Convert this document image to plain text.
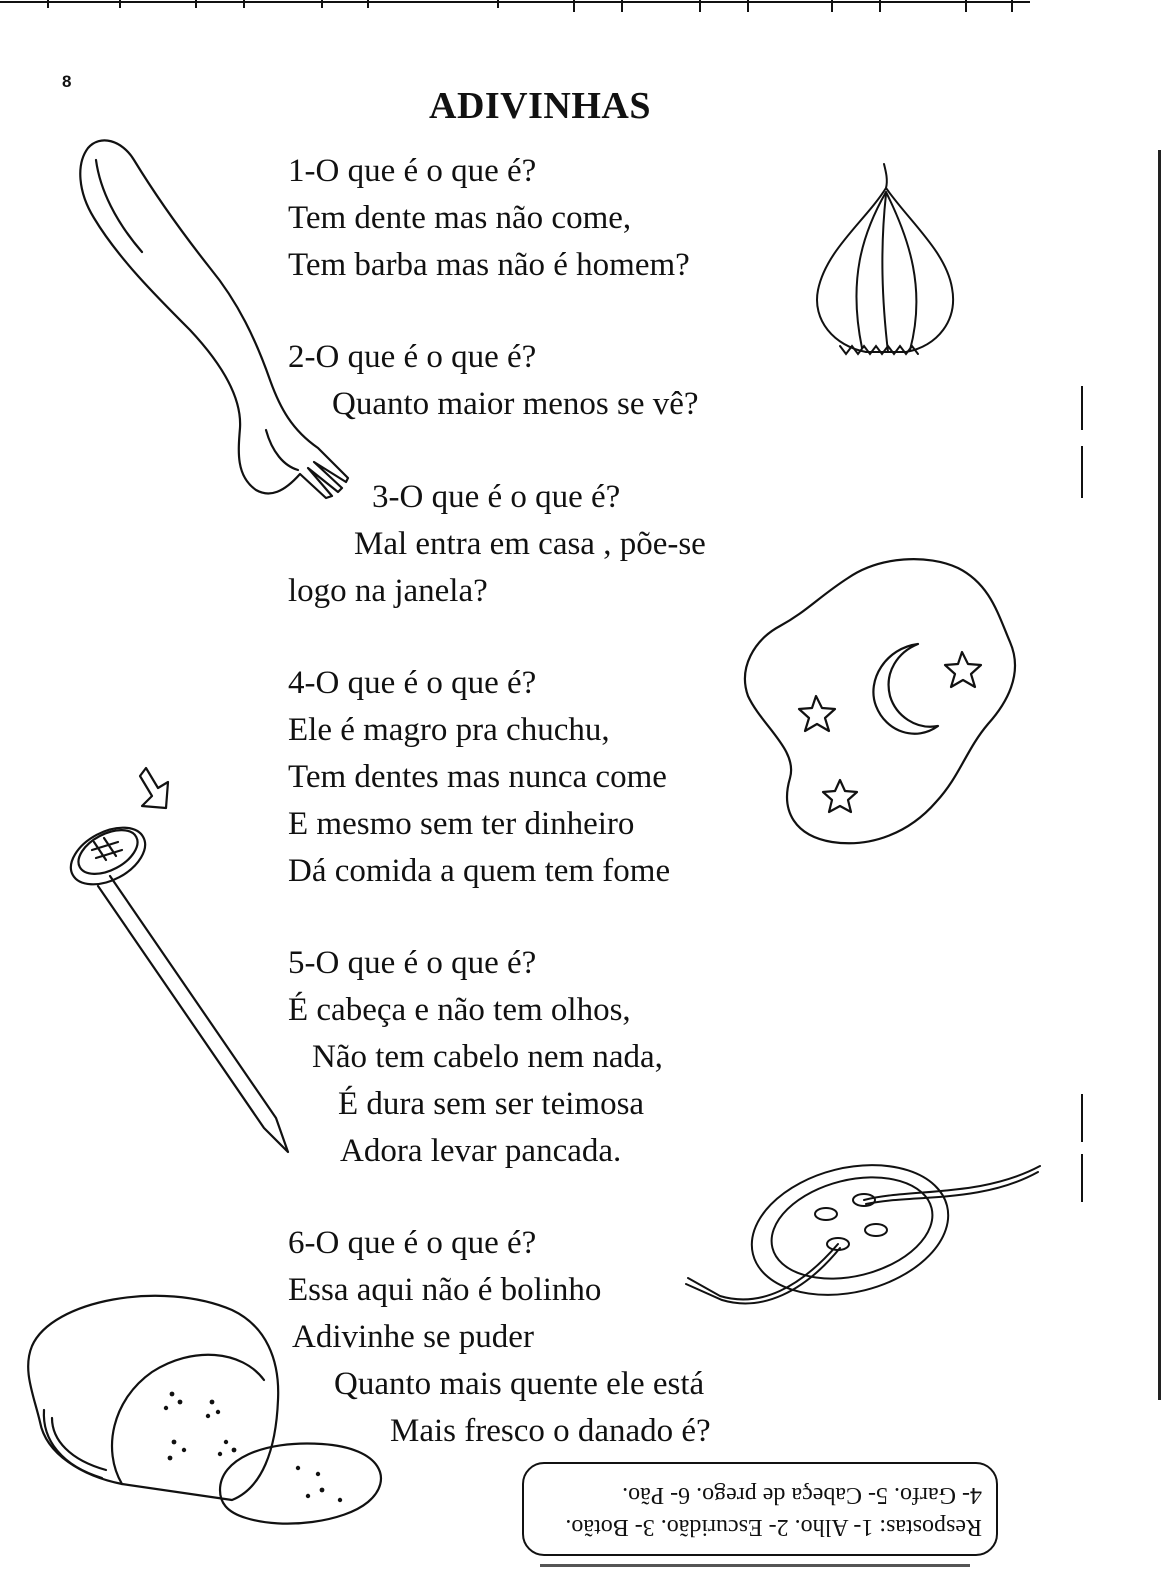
8
ADIVINHAS
1-O que é o que é?
Tem dente mas não come,
Tem barba mas não é homem?
2-O que é o que é?
Quanto maior menos se vê?
3-O que é o que é?
Mal entra em casa , põe-se
logo na janela?
4-O que é o que é?
Ele é magro pra chuchu,
Tem dentes mas nunca come
E mesmo sem ter dinheiro
Dá comida a quem tem fome
5-O que é o que é?
É cabeça e não tem olhos,
Não tem cabelo nem nada,
É dura sem ser teimosa
Adora levar pancada.
6-O que é o que é?
Essa aqui não é bolinho
Adivinhe se puder
Quanto mais quente ele está
Mais fresco o danado é?
Respostas: 1- Alho. 2- Escuridão. 3- Botão.
4- Garfo. 5- Cabeça de prego. 6- Pão.
